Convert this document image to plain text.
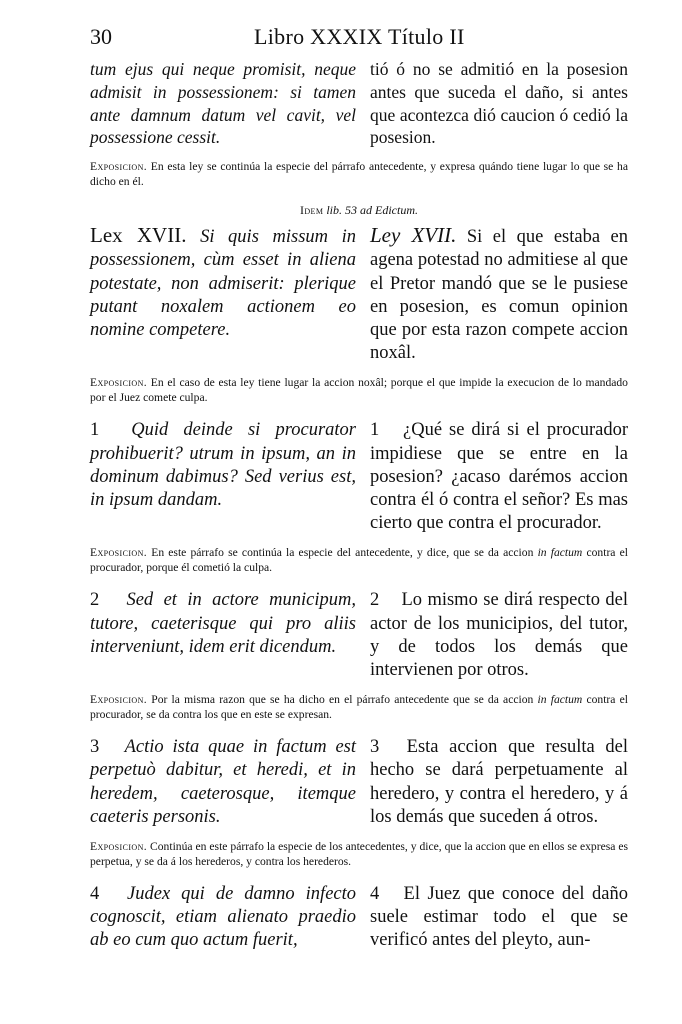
30	Libro XXXIX Título II
tum ejus qui neque promisit, neque admisit in possessionem: si tamen ante damnum datum vel cavit, vel possessione cessit.
tió ó no se admitió en la posesion antes que suceda el daño, si antes que acontezca dió caucion ó cedió la posesion.
Exposicion. En esta ley se continúa la especie del párrafo antecedente, y expresa quándo tiene lugar lo que se ha dicho en él.
Idem lib. 53 ad Edictum.
Lex XVII. Si quis missum in possessionem, cùm esset in aliena potestate, non admiserit: plerique putant noxalem actionem eo nomine competere.
Ley XVII. Si el que estaba en agena potestad no admitiese al que el Pretor mandó que se le pusiese en posesion, es comun opinion que por esta razon compete accion noxâl.
Exposicion. En el caso de esta ley tiene lugar la accion noxâl; porque el que impide la execucion de lo mandado por el Juez comete culpa.
1 Quid deinde si procurator prohibuerit? utrum in ipsum, an in dominum dabimus? Sed verius est, in ipsum dandam.
1 ¿Qué se dirá si el procurador impidiese que se entre en la posesion? ¿acaso darémos accion contra él ó contra el señor? Es mas cierto que contra el procurador.
Exposicion. En este párrafo se continúa la especie del antecedente, y dice, que se da accion in factum contra el procurador, porque él cometió la culpa.
2 Sed et in actore municipum, tutore, caeterisque qui pro aliis interveniunt, idem erit dicendum.
2 Lo mismo se dirá respecto del actor de los municipios, del tutor, y de todos los demás que intervienen por otros.
Exposicion. Por la misma razon que se ha dicho en el párrafo antecedente que se da accion in factum contra el procurador, se da contra los que en este se expresan.
3 Actio ista quae in factum est perpetuò dabitur, et heredi, et in heredem, caeterosque, itemque caeteris personis.
3 Esta accion que resulta del hecho se dará perpetuamente al heredero, y contra el heredero, y á los demás que suceden á otros.
Exposicion. Continúa en este párrafo la especie de los antecedentes, y dice, que la accion que en ellos se expresa es perpetua, y se da á los herederos, y contra los herederos.
4 Judex qui de damno infecto cognoscit, etiam alienato praedio ab eo cum quo actum fuerit,
4 El Juez que conoce del daño suele estimar todo el que se verificó antes del pleyto, aun-
